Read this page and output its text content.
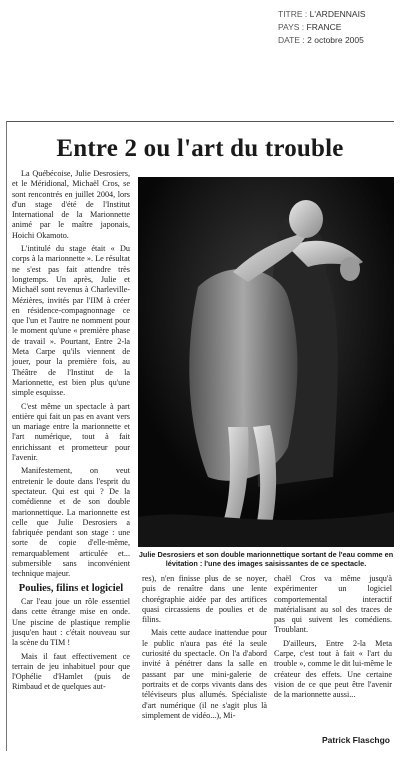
TITRE : L'ARDENNAIS
PAYS : FRANCE
DATE : 2 octobre 2005
Entre 2 ou l'art du trouble

La Québécoise, Julie Desrosiers, et le Méridional, Michaël Cros, se sont rencontrés en juillet 2004, lors d'un stage d'été de l'Institut International de la Marionnette animé par le maître japonais, Hoichi Okamoto.

L'intitulé du stage était « Du corps à la marionnette ». Le résultat ne s'est pas fait attendre très longtemps. Un après, Julie et Michaël sont revenus à Charleville-Mézières, invités par l'IIM à créer en résidence-compagnonnage ce que l'un et l'autre ne nomment pour le moment qu'une « première phase de travail ». Pourtant, Entre 2-la Meta Carpe qu'ils viennent de jouer, pour la première fois, au Théâtre de l'Institut de la Marionnette, est bien plus qu'une simple esquisse.

C'est même un spectacle à part entière qui fait un pas en avant vers un mariage entre la marionnette et l'art numérique, tout à fait enrichissant et prometteur pour l'avenir.

Manifestement, on veut entretenir le doute dans l'esprit du spectateur. Qui est qui ? De la comédienne et de son double marionnettique. La marionnette est celle que Julie Desrosiers a fabriquée pendant son stage : une sorte de copie d'elle-même, remarquablement articulée et... submersible sans inconvénient technique majeur.

Poulies, filins et logiciel

Car l'eau joue un rôle essentiel dans cette étrange mise en onde. Une piscine de plastique remplie jusqu'en haut : c'était nouveau sur la scène du TIM !

Mais il faut effectivement ce terrain de jeu inhabituel pour que l'Ophélie d'Hamlet (puis de Rimbaud et de quelques aut-

Julie Desrosiers et son double marionnettique sortant de l'eau comme en lévitation : l'une des images saisissantes de ce spectacle.

res), n'en finisse plus de se noyer, puis de renaître dans une lente chorégraphie aidée par des artifices quasi circassiens de poulies et de filins.

Mais cette audace inattendue pour le public n'aura pas été la seule curiosité du spectacle. On l'a d'abord invité à pénétrer dans la salle en passant par une mini-galerie de portraits et de corps vivants dans des téléviseurs plus allumés. Spécialiste d'art numérique (il ne s'agit plus là simplement de vidéo...), Mi-

chaël Cros va même jusqu'à expérimenter un logiciel comportemental interactif matérialisant au sol des traces de pas qui suivent les comédiens. Troublant.

D'ailleurs, Entre 2-la Meta Carpe, c'est tout à fait « l'art du trouble », comme le dit lui-même le créateur des effets. Une certaine vision de ce que peut être l'avenir de la marionnette aussi...

Patrick Flaschgo
